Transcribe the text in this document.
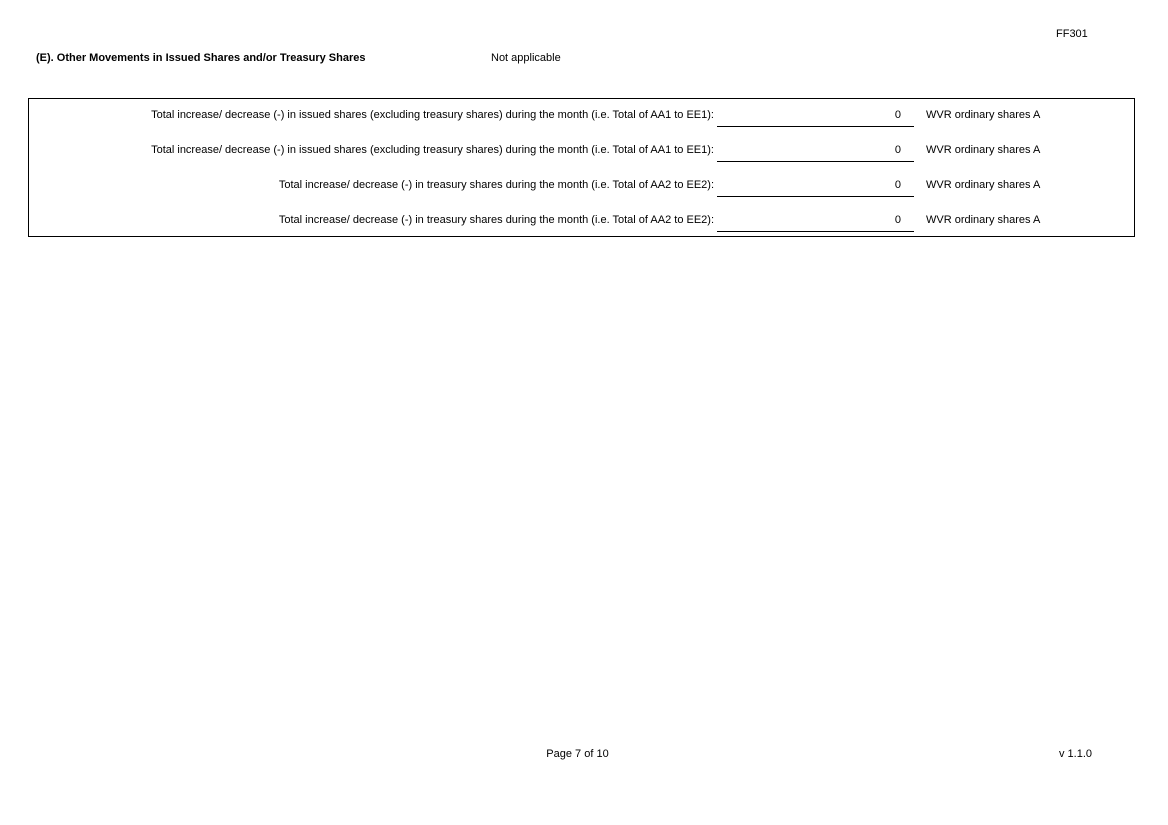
FF301
(E). Other Movements in Issued Shares and/or Treasury Shares	Not applicable
Total increase/ decrease (-) in issued shares (excluding treasury shares) during the month (i.e. Total of AA1 to EE1):	0 WVR ordinary shares A
Total increase/ decrease (-) in issued shares (excluding treasury shares) during the month (i.e. Total of AA1 to EE1):	0 WVR ordinary shares A
Total increase/ decrease (-) in treasury shares during the month (i.e. Total of AA2 to EE2):	0 WVR ordinary shares A
Total increase/ decrease (-) in treasury shares during the month (i.e. Total of AA2 to EE2):	0 WVR ordinary shares A
Page 7 of 10	v 1.1.0
